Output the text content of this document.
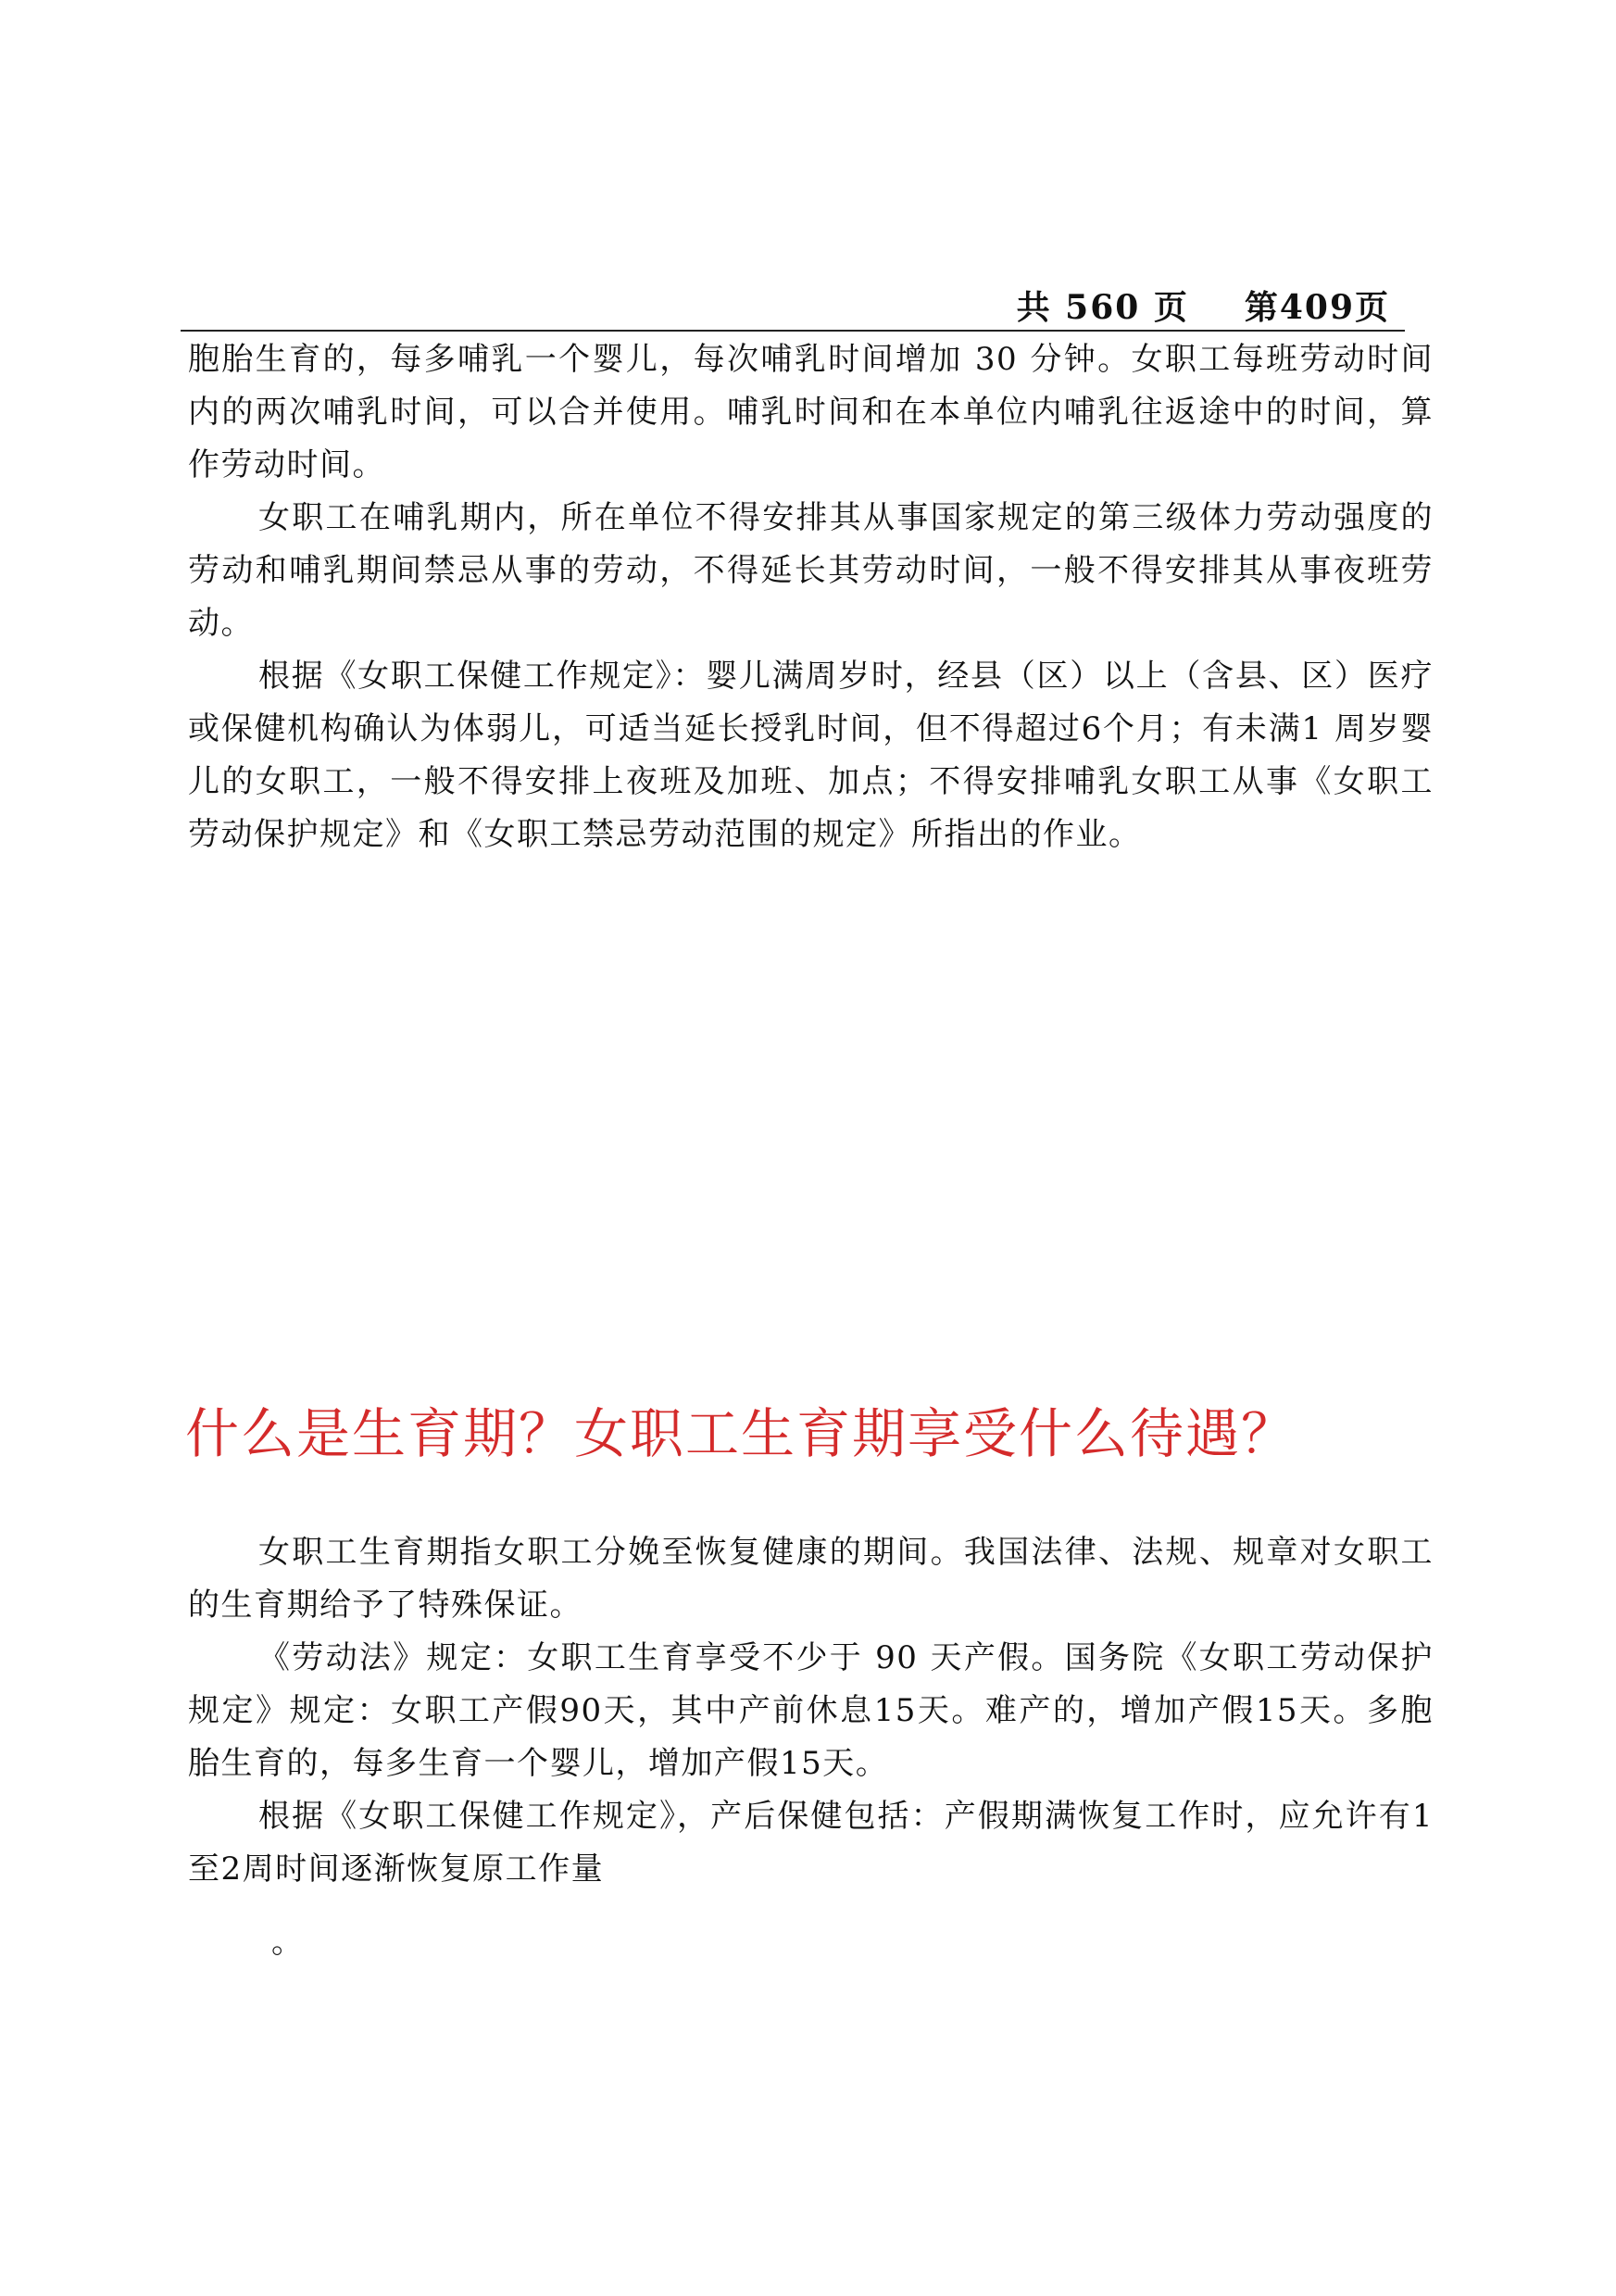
共 560 页 第409页

胞胎生育的，每多哺乳一个婴儿，每次哺乳时间增加 30 分钟。女职工每班劳动时间内的两次哺乳时间，可以合并使用。哺乳时间和在本单位内哺乳往返途中的时间，算作劳动时间。

女职工在哺乳期内，所在单位不得安排其从事国家规定的第三级体力劳动强度的劳动和哺乳期间禁忌从事的劳动，不得延长其劳动时间，一般不得安排其从事夜班劳动。

根据《女职工保健工作规定》：婴儿满周岁时，经县（区）以上（含县、区）医疗或保健机构确认为体弱儿，可适当延长授乳时间，但不得超过6个月；有未满1 周岁婴儿的女职工，一般不得安排上夜班及加班、加点；不得安排哺乳女职工从事《女职工劳动保护规定》和《女职工禁忌劳动范围的规定》所指出的作业。

什么是生育期？女职工生育期享受什么待遇？

女职工生育期指女职工分娩至恢复健康的期间。我国法律、法规、规章对女职工的生育期给予了特殊保证。

《劳动法》规定：女职工生育享受不少于 90 天产假。国务院《女职工劳动保护规定》规定：女职工产假90天，其中产前休息15天。难产的，增加产假15天。多胞胎生育的，每多生育一个婴儿，增加产假15天。

根据《女职工保健工作规定》，产后保健包括：产假期满恢复工作时，应允许有1至2周时间逐渐恢复原工作量

。
